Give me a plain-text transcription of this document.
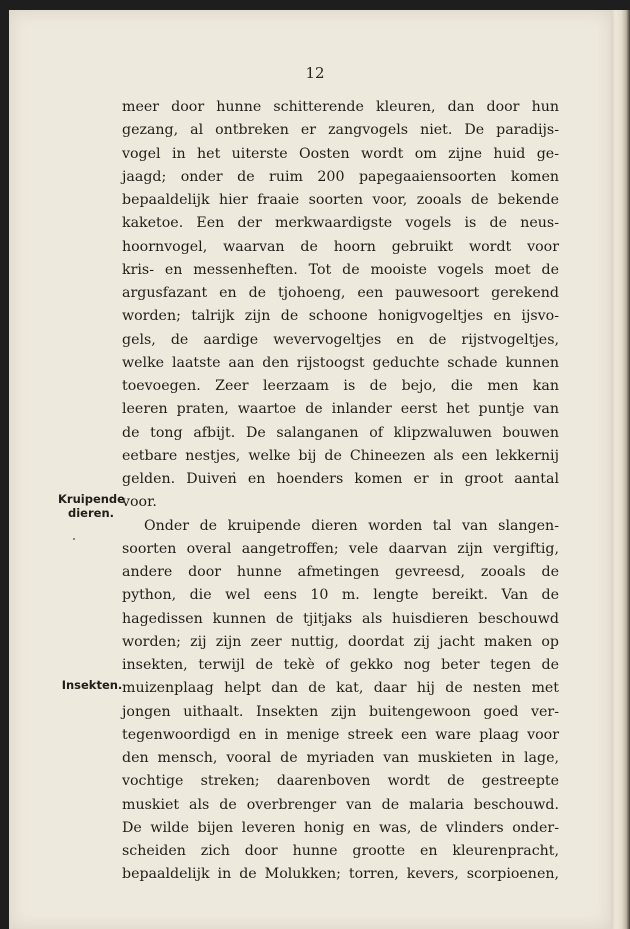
12
Kruipende
dieren.
Insekten.
meer door hunne schitterende kleuren, dan door hun
gezang, al ontbreken er zangvogels niet. De paradijs-
vogel in het uiterste Oosten wordt om zijne huid ge-
jaagd; onder de ruim 200 papegaaiensoorten komen
bepaaldelijk hier fraaie soorten voor, zooals de bekende
kaketoe. Een der merkwaardigste vogels is de neus-
hoornvogel, waarvan de hoorn gebruikt wordt voor
kris- en messenheften. Tot de mooiste vogels moet de
argusfazant en de tjohoeng, een pauwesoort gerekend
worden; talrijk zijn de schoone honigvogeltjes en ijsvo-
gels, de aardige wevervogeltjes en de rijstvogeltjes,
welke laatste aan den rijstoogst geduchte schade kunnen
toevoegen. Zeer leerzaam is de bejo, die men kan
leeren praten, waartoe de inlander eerst het puntje van
de tong afbijt. De salanganen of klipzwaluwen bouwen
eetbare nestjes, welke bij de Chineezen als een lekkernij
gelden. Duiven en hoenders komen er in groot aantal
voor.
Onder de kruipende dieren worden tal van slangen-
soorten overal aangetroffen; vele daarvan zijn vergiftig,
andere door hunne afmetingen gevreesd, zooals de
python, die wel eens 10 m. lengte bereikt. Van de
hagedissen kunnen de tjitjaks als huisdieren beschouwd
worden; zij zijn zeer nuttig, doordat zij jacht maken op
insekten, terwijl de tekè of gekko nog beter tegen de
muizenplaag helpt dan de kat, daar hij de nesten met
jongen uithaalt. Insekten zijn buitengewoon goed ver-
tegenwoordigd en in menige streek een ware plaag voor
den mensch, vooral de myriaden van muskieten in lage,
vochtige streken; daarenboven wordt de gestreepte
muskiet als de overbrenger van de malaria beschouwd.
De wilde bijen leveren honig en was, de vlinders onder-
scheiden zich door hunne grootte en kleurenpracht,
bepaaldelijk in de Molukken; torren, kevers, scorpioenen,
